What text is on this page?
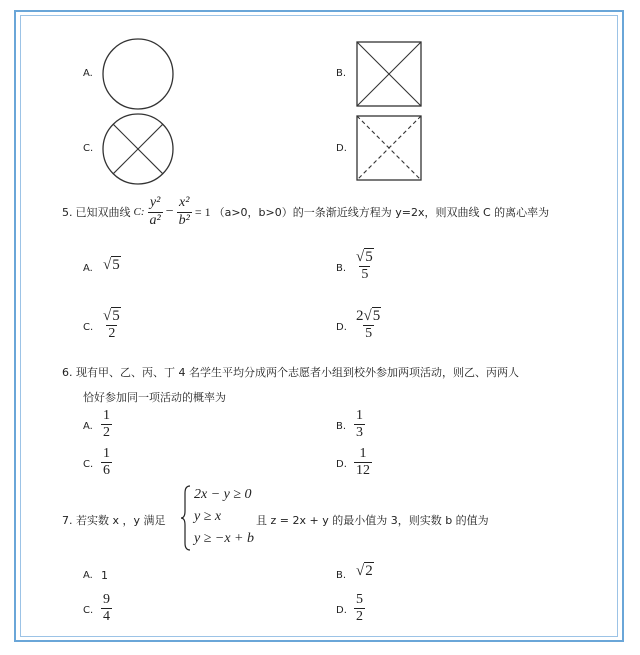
A.	B.
C.	D.
5. 已知双曲线 C: $\frac{\text{y²}}{\text{a²}} - \frac{\text{x²}}{\text{b²}} = 1$ （a>0，b>0）的一条渐近线方程为 y=2x，则双曲线 C 的离心率为
A. √5	B. $\frac{√5}{5}$
C. $\frac{√5}{2}$	D. $\frac{2√5}{5}$
6. 现有甲、乙、丙、丁 4 名学生平均分成两个志愿者小组到校外参加两项活动，则乙、丙两人
恰好参加同一项活动的概率为
A. $\frac{1}{2}$	B. $\frac{1}{3}$
C. $\frac{1}{6}$	D. $\frac{1}{12}$
7. 若实数 x ，y 满足
2x − y ≥ 0
y ≥ x
y ≥ −x + b
且 z = 2x + y 的最小值为 3，则实数 b 的值为
A. 1	B. √2
C. $\frac{9}{4}$	D. $\frac{5}{2}$
